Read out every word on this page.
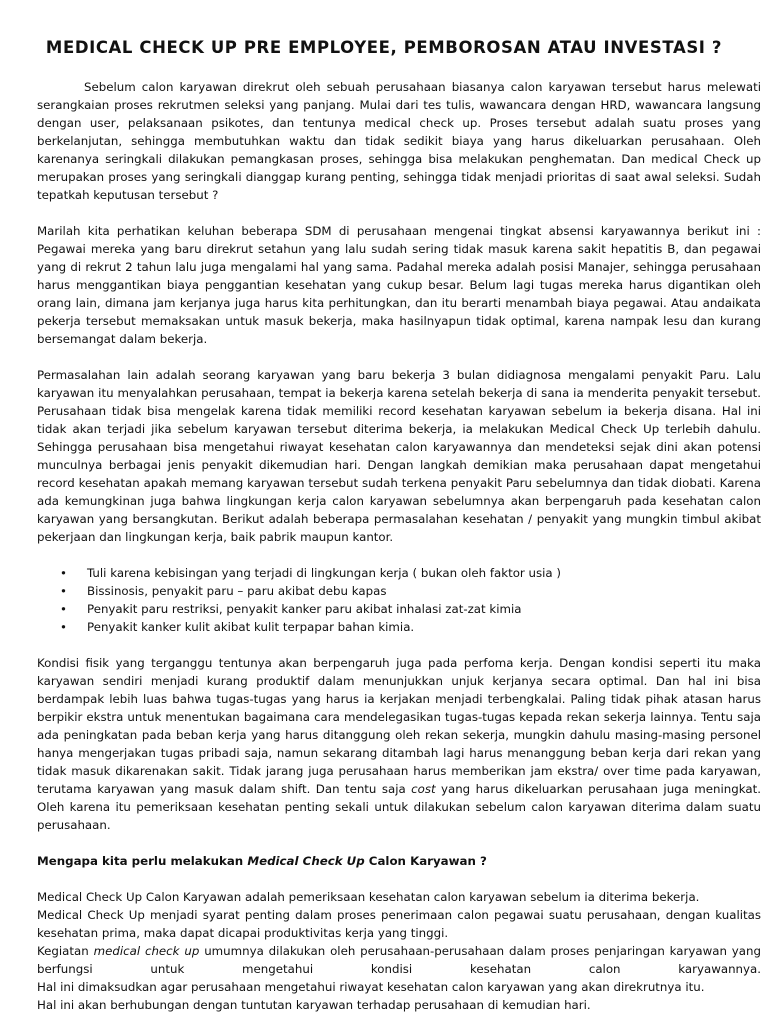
MEDICAL CHECK UP PRE EMPLOYEE, PEMBOROSAN ATAU INVESTASI ?

Sebelum calon karyawan direkrut oleh sebuah perusahaan biasanya calon karyawan tersebut harus melewati serangkaian proses rekrutmen seleksi yang panjang. Mulai dari tes tulis, wawancara dengan HRD, wawancara langsung dengan user, pelaksanaan psikotes, dan tentunya medical check up. Proses tersebut adalah suatu proses yang berkelanjutan, sehingga membutuhkan waktu dan tidak sedikit biaya yang harus dikeluarkan perusahaan. Oleh karenanya seringkali dilakukan pemangkasan proses, sehingga bisa melakukan penghematan. Dan medical Check up merupakan proses yang seringkali dianggap kurang penting, sehingga tidak menjadi prioritas di saat awal seleksi. Sudah tepatkah keputusan tersebut ?

Marilah kita perhatikan keluhan beberapa SDM di perusahaan mengenai tingkat absensi karyawannya berikut ini : Pegawai mereka yang baru direkrut setahun yang lalu sudah sering tidak masuk karena sakit hepatitis B, dan pegawai yang di rekrut 2 tahun lalu juga mengalami hal yang sama. Padahal mereka adalah posisi Manajer, sehingga perusahaan harus menggantikan biaya penggantian kesehatan yang cukup besar. Belum lagi tugas mereka harus digantikan oleh orang lain, dimana jam kerjanya juga harus kita perhitungkan, dan itu berarti menambah biaya pegawai. Atau andaikata pekerja tersebut memaksakan untuk masuk bekerja, maka hasilnyapun tidak optimal, karena nampak lesu dan kurang bersemangat dalam bekerja.

Permasalahan lain adalah seorang karyawan yang baru bekerja 3 bulan didiagnosa mengalami penyakit Paru. Lalu karyawan itu menyalahkan perusahaan, tempat ia bekerja karena setelah bekerja di sana ia menderita penyakit tersebut. Perusahaan tidak bisa mengelak karena tidak memiliki record kesehatan karyawan sebelum ia bekerja disana. Hal ini tidak akan terjadi jika sebelum karyawan tersebut diterima bekerja, ia melakukan Medical Check Up terlebih dahulu. Sehingga perusahaan bisa mengetahui riwayat kesehatan calon karyawannya dan mendeteksi sejak dini akan potensi munculnya berbagai jenis penyakit dikemudian hari. Dengan langkah demikian maka perusahaan dapat mengetahui record kesehatan apakah memang karyawan tersebut sudah terkena penyakit Paru sebelumnya dan tidak diobati. Karena ada kemungkinan juga bahwa lingkungan kerja calon karyawan sebelumnya akan berpengaruh pada kesehatan calon karyawan yang bersangkutan. Berikut adalah beberapa permasalahan kesehatan / penyakit yang mungkin timbul akibat pekerjaan dan lingkungan kerja, baik pabrik maupun kantor.

• Tuli karena kebisingan yang terjadi di lingkungan kerja ( bukan oleh faktor usia )
• Bissinosis, penyakit paru – paru akibat debu kapas
• Penyakit paru restriksi, penyakit kanker paru akibat inhalasi zat-zat kimia
• Penyakit kanker kulit akibat kulit terpapar bahan kimia.

Kondisi fisik yang terganggu tentunya akan berpengaruh juga pada perfoma kerja. Dengan kondisi seperti itu maka karyawan sendiri menjadi kurang produktif dalam menunjukkan unjuk kerjanya secara optimal. Dan hal ini bisa berdampak lebih luas bahwa tugas-tugas yang harus ia kerjakan menjadi terbengkalai. Paling tidak pihak atasan harus berpikir ekstra untuk menentukan bagaimana cara mendelegasikan tugas-tugas kepada rekan sekerja lainnya. Tentu saja ada peningkatan pada beban kerja yang harus ditanggung oleh rekan sekerja, mungkin dahulu masing-masing personel hanya mengerjakan tugas pribadi saja, namun sekarang ditambah lagi harus menanggung beban kerja dari rekan yang tidak masuk dikarenakan sakit. Tidak jarang juga perusahaan harus memberikan jam ekstra/ over time pada karyawan, terutama karyawan yang masuk dalam shift. Dan tentu saja cost yang harus dikeluarkan perusahaan juga meningkat. Oleh karena itu pemeriksaan kesehatan penting sekali untuk dilakukan sebelum calon karyawan diterima dalam suatu perusahaan.

Mengapa kita perlu melakukan Medical Check Up Calon Karyawan ?

Medical Check Up Calon Karyawan adalah pemeriksaan kesehatan calon karyawan sebelum ia diterima bekerja.

Medical Check Up menjadi syarat penting dalam proses penerimaan calon pegawai suatu perusahaan, dengan kualitas kesehatan prima, maka dapat dicapai produktivitas kerja yang tinggi.

Kegiatan medical check up umumnya dilakukan oleh perusahaan-perusahaan dalam proses penjaringan karyawan yang berfungsi untuk mengetahui kondisi kesehatan calon karyawannya.

Hal ini dimaksudkan agar perusahaan mengetahui riwayat kesehatan calon karyawan yang akan direkrutnya itu.

Hal ini akan berhubungan dengan tuntutan karyawan terhadap perusahaan di kemudian hari.
